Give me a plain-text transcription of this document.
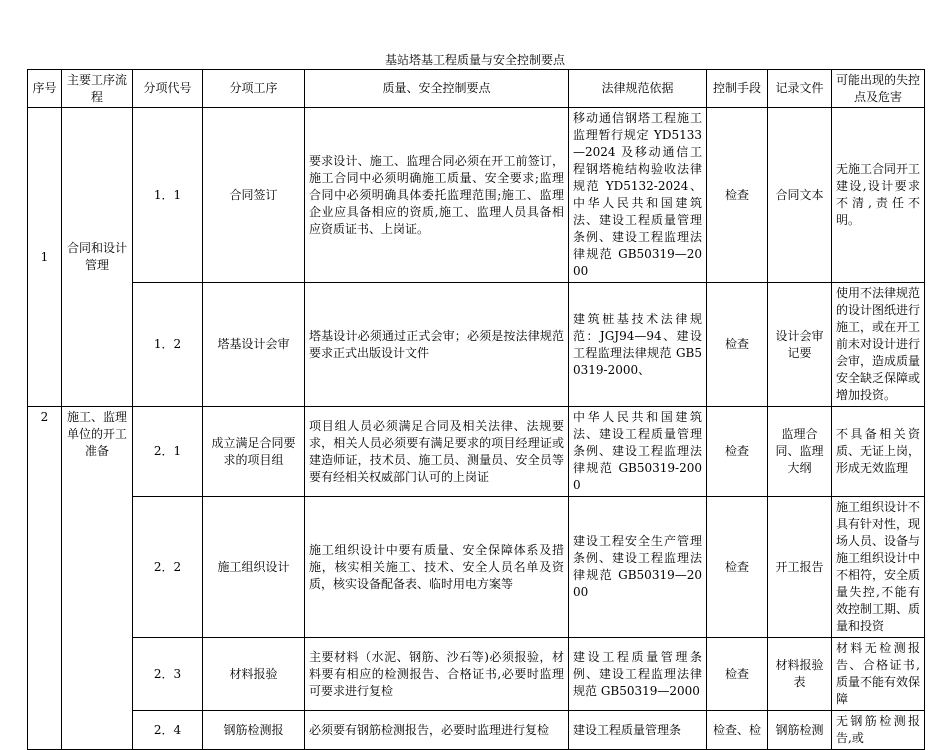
基站塔基工程质量与安全控制要点
序号	主要工序流程	分项代号	分项工序	质量、安全控制要点	法律规范依据	控制手段	记录文件	可能出现的失控点及危害
1	合同和设计管理	1．1	合同签订	要求设计、施工、监理合同必须在开工前签订，施工合同中必须明确施工质量、安全要求;监理合同中必须明确具体委托监理范围;施工、监理企业应具备相应的资质,施工、监理人员具备相应资质证书、上岗证。	移动通信钢塔工程施工监理暂行规定 YD5133—2024 及移动通信工程钢塔桅结构验收法律规范 YD5132-2024、中华人民共和国建筑法、建设工程质量管理条例、建设工程监理法律规范 GB50319—2000	检查	合同文本	无施工合同开工建设,设计要求不清,责任不明。
		1．2	塔基设计会审	塔基设计必须通过正式会审；必须是按法律规范要求正式出版设计文件	建筑桩基技术法律规范：JGJ94—94、建设工程监理法律规范 GB50319-2000、	检查	设计会审记要	使用不法律规范的设计图纸进行施工，或在开工前未对设计进行会审，造成质量安全缺乏保障或增加投资。
2	施工、监理单位的开工准备	2．1	成立满足合同要求的项目组	项目组人员必须满足合同及相关法律、法规要求，相关人员必须要有满足要求的项目经理证或建造师证，技术员、施工员、测量员、安全员等要有经相关权威部门认可的上岗证	中华人民共和国建筑法、建设工程质量管理条例、建设工程监理法律规范 GB50319-2000	检查	监理合同、监理大纲	不具备相关资质、无证上岗，形成无效监理
		2．2	施工组织设计	施工组织设计中要有质量、安全保障体系及措施，核实相关施工、技术、安全人员名单及资质，核实设备配备表、临时用电方案等	建设工程安全生产管理条例、建设工程监理法律规范 GB50319—2000	检查	开工报告	施工组织设计不具有针对性，现场人员、设备与施工组织设计中不相符，安全质量失控,不能有效控制工期、质量和投资
		2．3	材料报验	主要材料（水泥、钢筋、沙石等)必须报验，材料要有相应的检测报告、合格证书,必要时监理可要求进行复检	建设工程质量管理条例、建设工程监理法律规范 GB50319—2000	检查	材料报验表	材料无检测报告、合格证书,质量不能有效保障
		2．4	钢筋检测报	必须要有钢筋检测报告，必要时监理进行复检	建设工程质量管理条	检查、检	钢筋检测	无钢筋检测报告,或
